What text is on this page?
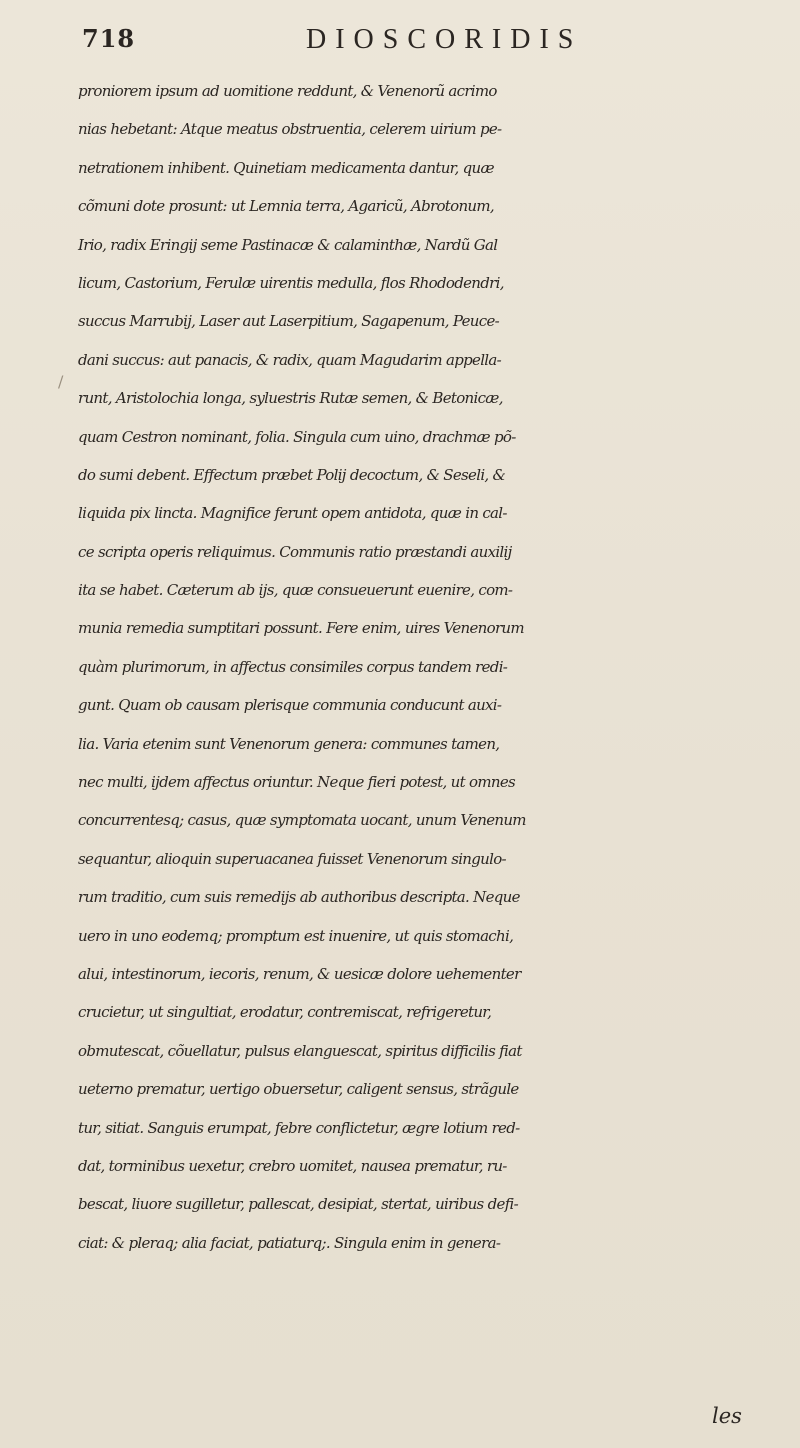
718	DIOSCORIDIS
proniorem ipsum ad uomitione reddunt, & Venenorũ acrimo
nias hebetant: Atque meatus obstruentia, celerem uirium pe-
netrationem inhibent. Quinetiam medicamenta dantur, quæ
cõmuni dote prosunt: ut Lemnia terra, Agaricũ, Abrotonum,
Irio, radix Eringij seme Pastinacæ & calaminthæ, Nardũ Gal
licum, Castorium, Ferulæ uirentis medulla, flos Rhododendri,
succus Marrubij, Laser aut Laserpitium, Sagapenum, Peuce-
dani succus: aut panacis, & radix, quam Magudarim appella-
runt, Aristolochia longa, syluestris Rutæ semen, & Betonicæ,
quam Cestron nominant, folia. Singula cum uino, drachmæ põ-
do sumi debent. Effectum præbet Polij decoctum, & Seseli, &
liquida pix lincta. Magnifice ferunt opem antidota, quæ in cal-
ce scripta operis reliquimus. Communis ratio præstandi auxilij
ita se habet. Cæterum ab ijs, quæ consueuerunt euenire, com-
munia remedia sumptitari possunt. Fere enim, uires Venenorum
quàm plurimorum, in affectus consimiles corpus tandem redi-
gunt. Quam ob causam plerisque communia conducunt auxi-
lia. Varia etenim sunt Venenorum genera: communes tamen,
nec multi, ijdem affectus oriuntur. Neque fieri potest, ut omnes
concurrentesq; casus, quæ symptomata uocant, unum Venenum
sequantur, alioquin superuacanea fuisset Venenorum singulo-
rum traditio, cum suis remedijs ab authoribus descripta. Neque
uero in uno eodemq; promptum est inuenire, ut quis stomachi,
alui, intestinorum, iecoris, renum, & uesicæ dolore uehementer
crucietur, ut singultiat, erodatur, contremiscat, refrigeretur,
obmutescat, cõuellatur, pulsus elanguescat, spiritus difficilis fiat
ueterno prematur, uertigo obuersetur, caligent sensus, strãgule
tur, sitiat. Sanguis erumpat, febre conflictetur, ægre lotium red-
dat, torminibus uexetur, crebro uomitet, nausea prematur, ru-
bescat, liuore sugilletur, pallescat, desipiat, stertat, uiribus defi-
ciat: & pleraq; alia faciat, patiaturq;. Singula enim in genera-
/
les
